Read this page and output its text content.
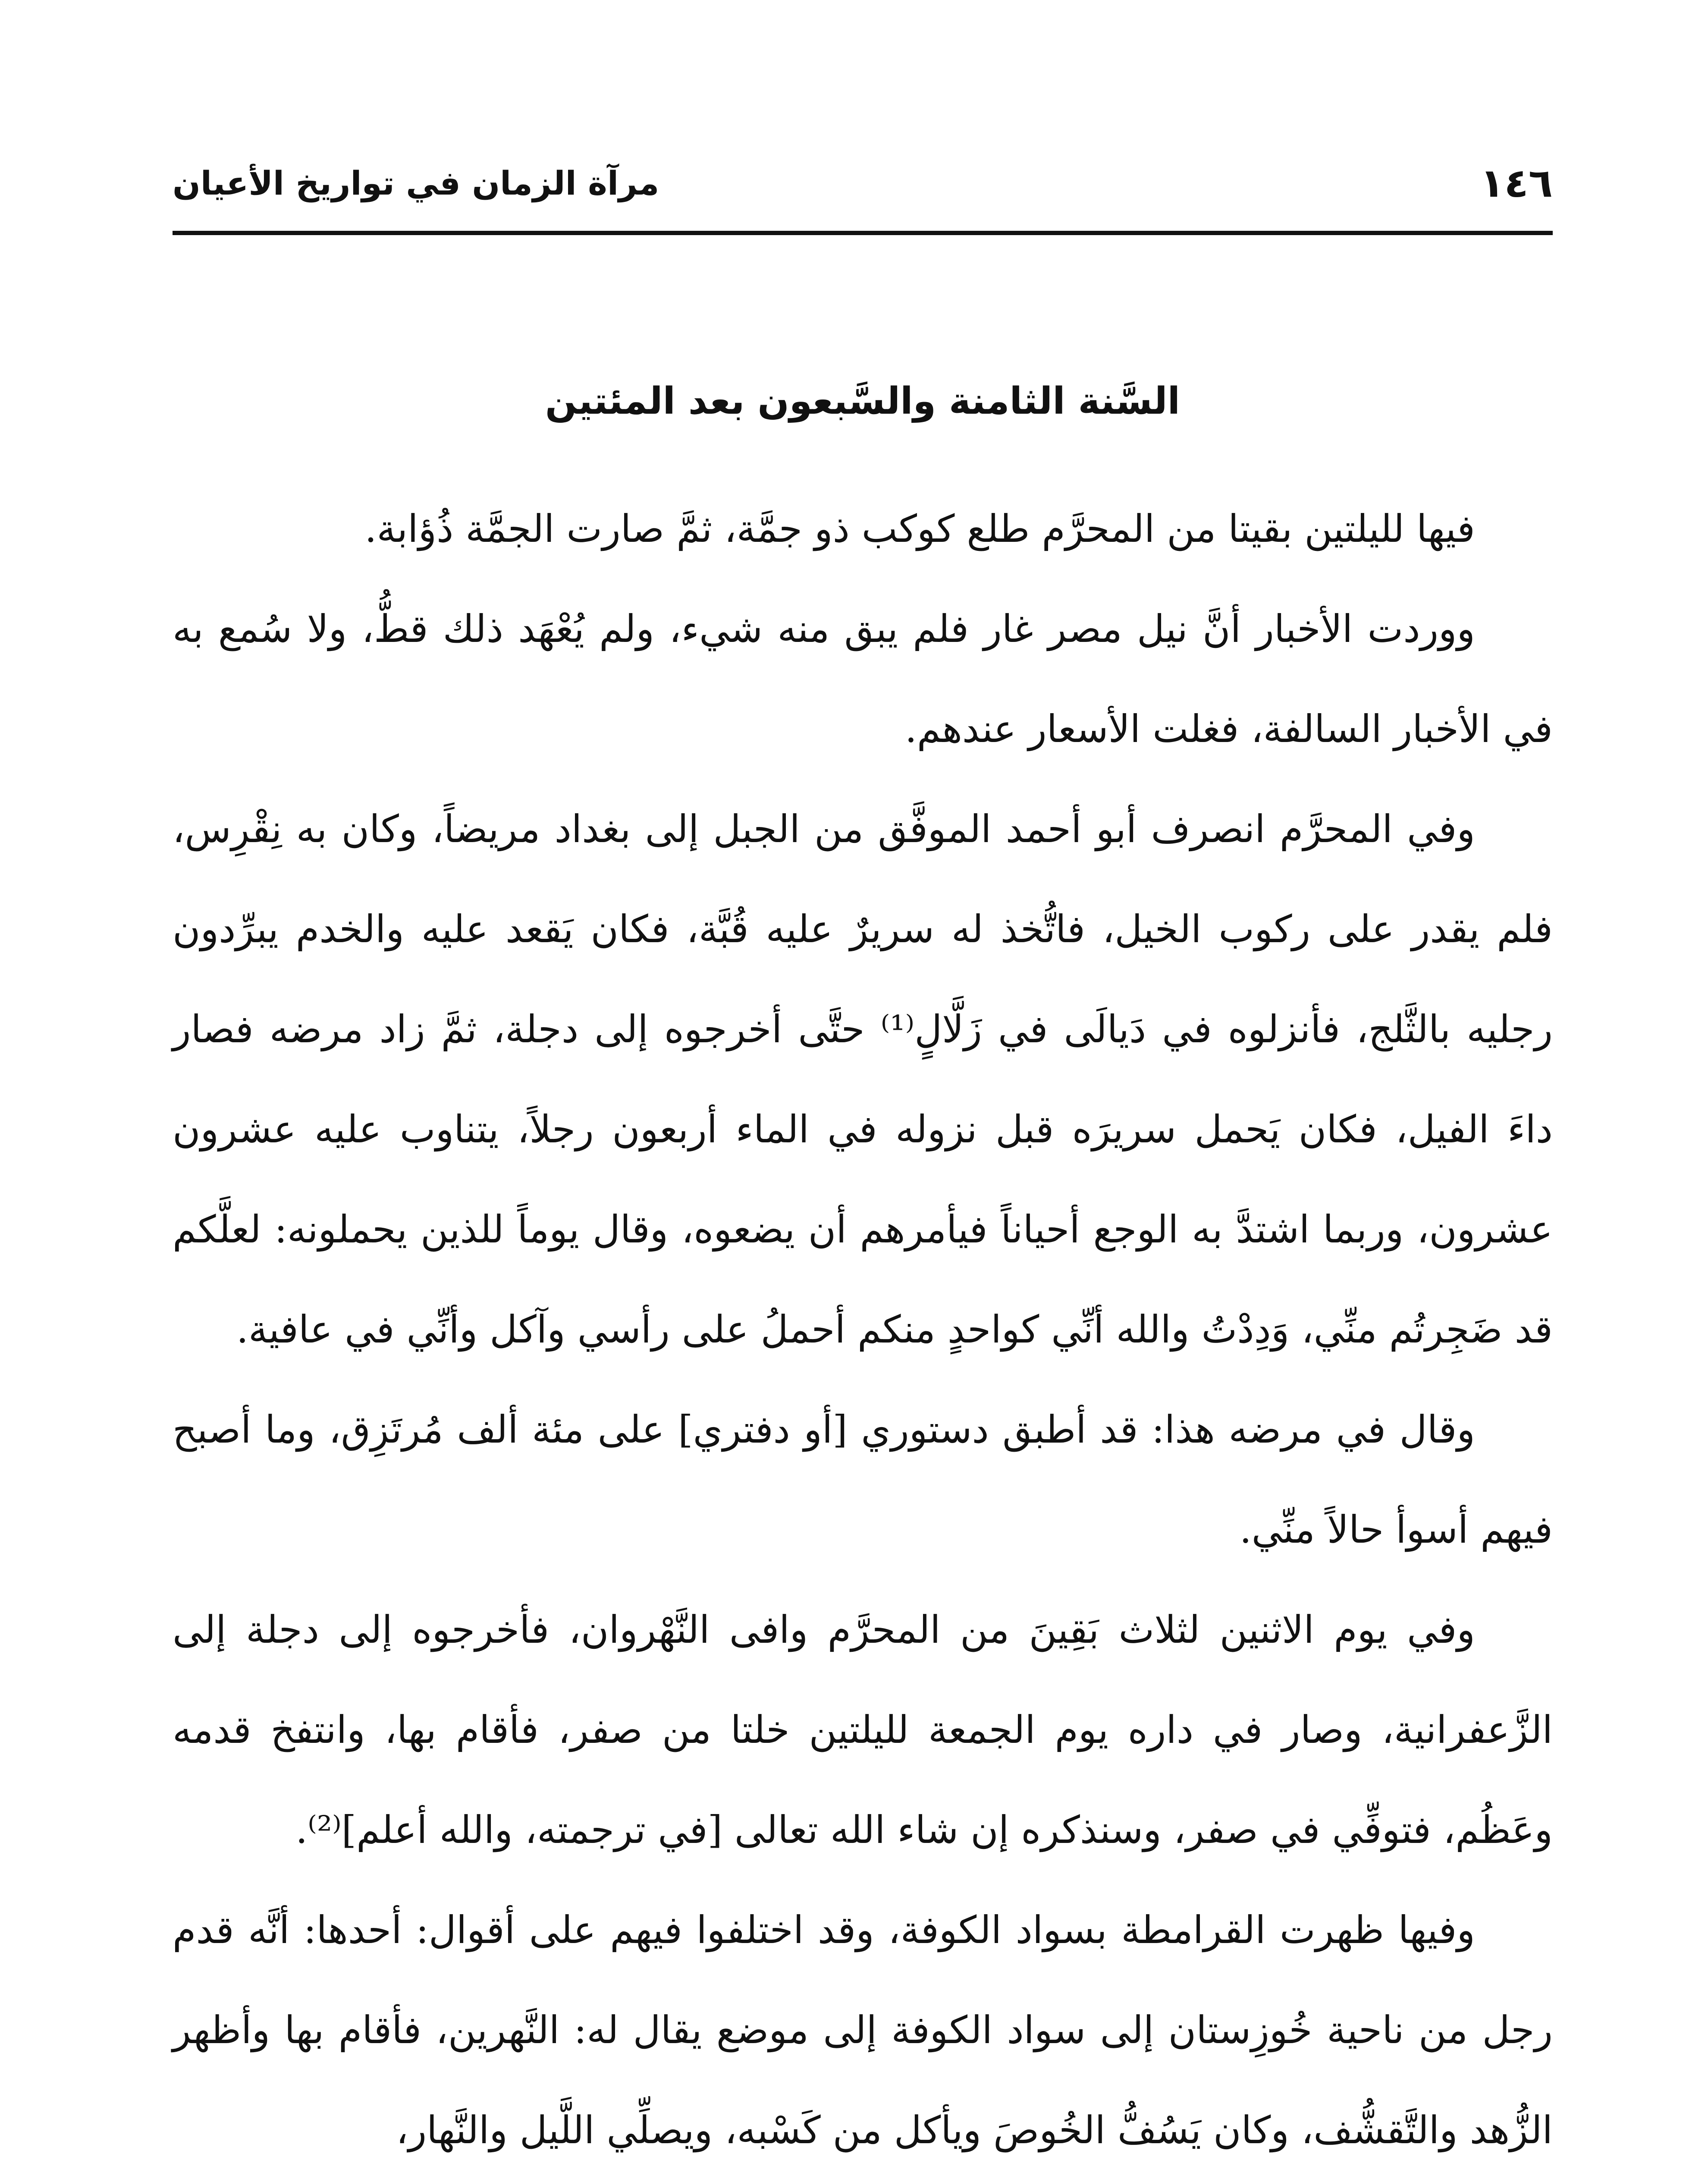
١٤٦
مرآة الزمان في تواريخ الأعيان
السَّنة الثامنة والسَّبعون بعد المئتين

فيها لليلتين بقيتا من المحرَّم طلع كوكب ذو جمَّة، ثمَّ صارت الجمَّة ذُؤابة.

ووردت الأخبار أنَّ نيل مصر غار فلم يبق منه شيء، ولم يُعْهَد ذلك قطُّ، ولا سُمع به في الأخبار السالفة، فغلت الأسعار عندهم.

وفي المحرَّم انصرف أبو أحمد الموفَّق من الجبل إلى بغداد مريضاً، وكان به نِقْرِس، فلم يقدر على ركوب الخيل، فاتُّخذ له سريرٌ عليه قُبَّة، فكان يَقعد عليه والخدم يبرِّدون رجليه بالثَّلج، فأنزلوه في دَيالَى في زَلَّالٍ⁽¹⁾ حتَّى أخرجوه إلى دجلة، ثمَّ زاد مرضه فصار داءَ الفيل، فكان يَحمل سريرَه قبل نزوله في الماء أربعون رجلاً، يتناوب عليه عشرون عشرون، وربما اشتدَّ به الوجع أحياناً فيأمرهم أن يضعوه، وقال يوماً للذين يحملونه: لعلَّكم قد ضَجِرتُم منِّي، وَدِدْتُ والله أنِّي كواحدٍ منكم أحملُ على رأسي وآكل وأنِّي في عافية.

وقال في مرضه هذا: قد أطبق دستوري [أو دفتري] على مئة ألف مُرتَزِق، وما أصبح فيهم أسوأ حالاً منِّي.

وفي يوم الاثنين لثلاث بَقِينَ من المحرَّم وافى النَّهْروان، فأخرجوه إلى دجلة إلى الزَّعفرانية، وصار في داره يوم الجمعة لليلتين خلتا من صفر، فأقام بها، وانتفخ قدمه وعَظُم، فتوفِّي في صفر، وسنذكره إن شاء الله تعالى [في ترجمته، والله أعلم]⁽²⁾.

وفيها ظهرت القرامطة بسواد الكوفة، وقد اختلفوا فيهم على أقوال: أحدها: أنَّه قدم رجل من ناحية خُوزِستان إلى سواد الكوفة إلى موضع يقال له: النَّهرين، فأقام بها وأظهر الزُّهد والتَّقشُّف، وكان يَسُفُّ الخُوصَ ويأكل من كَسْبه، ويصلِّي اللَّيل والنَّهار،
